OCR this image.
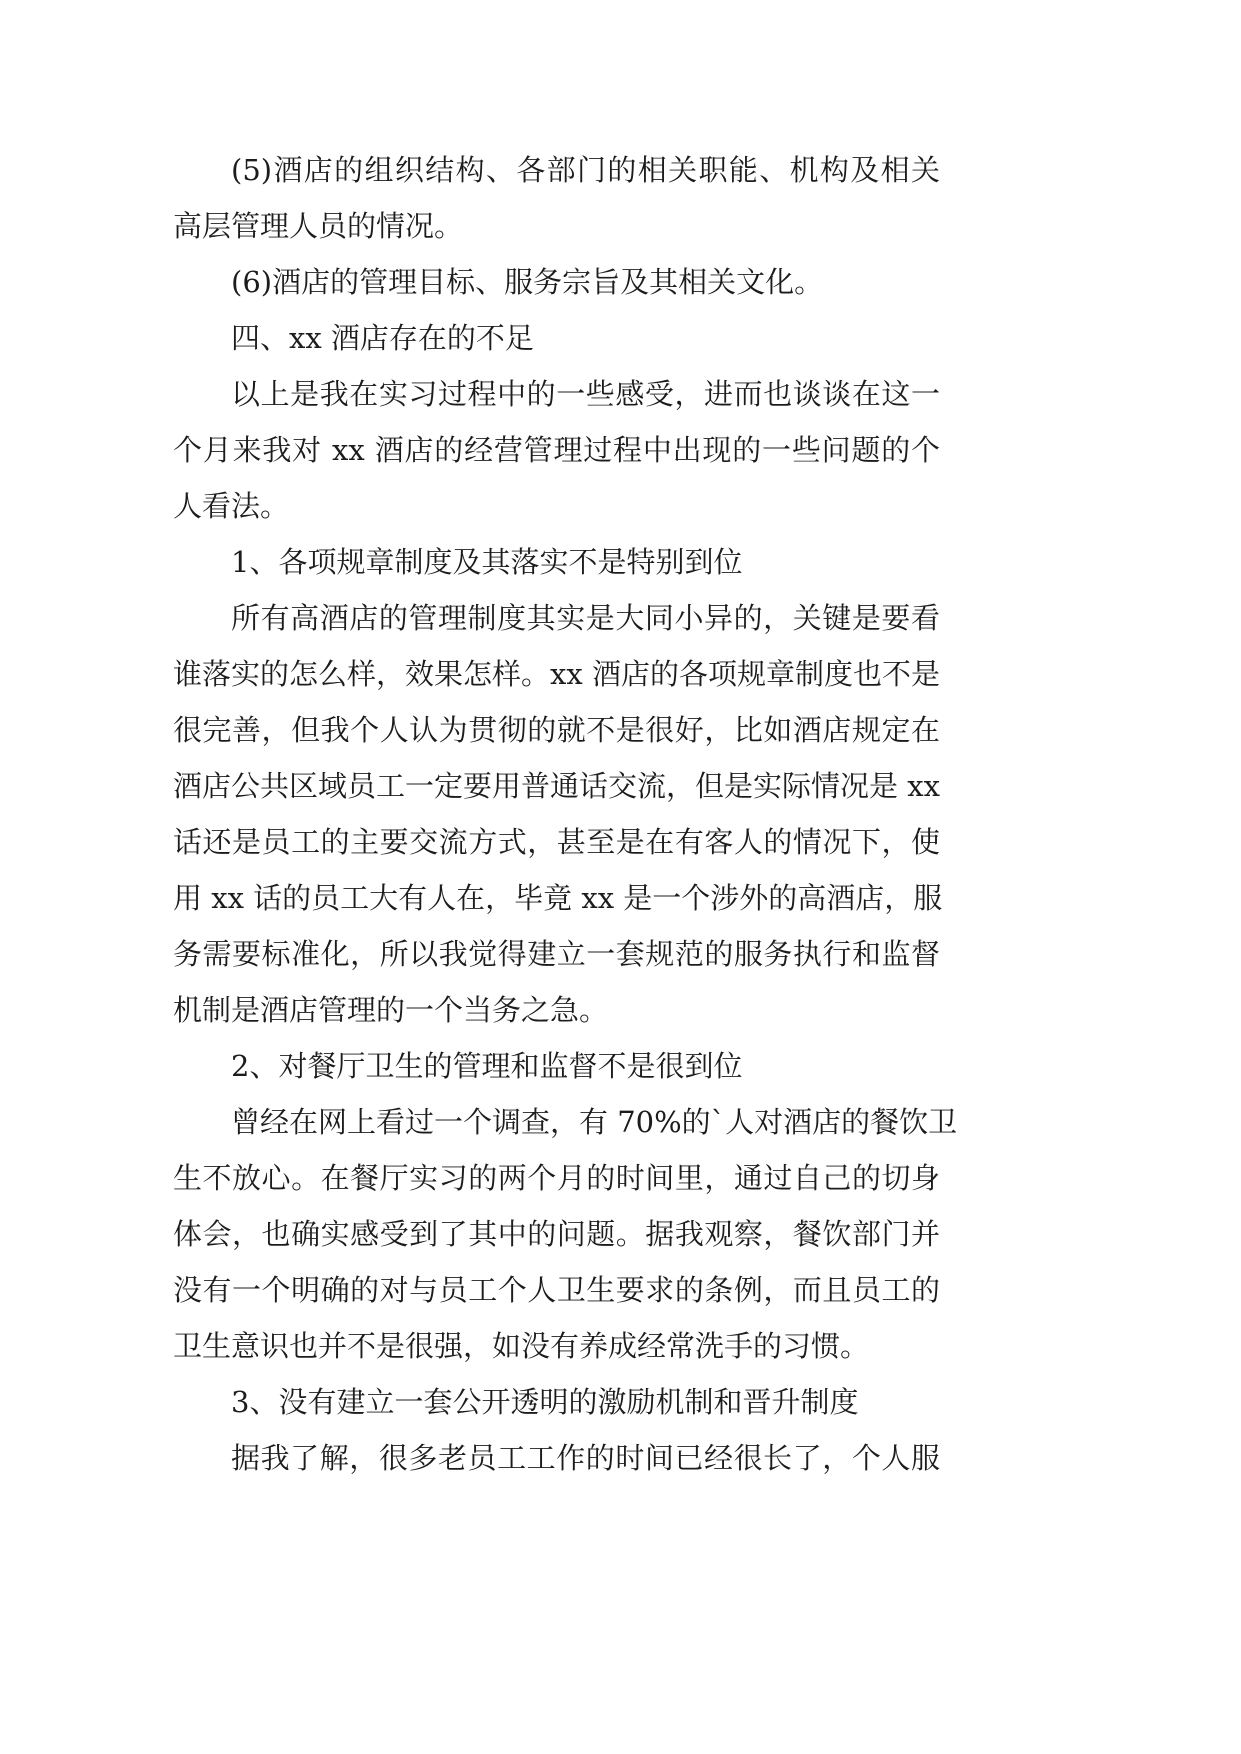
(5)酒店的组织结构、各部门的相关职能、机构及相关
高层管理人员的情况。
(6)酒店的管理目标、服务宗旨及其相关文化。
四、xx 酒店存在的不足
以上是我在实习过程中的一些感受，进而也谈谈在这一
个月来我对 xx 酒店的经营管理过程中出现的一些问题的个
人看法。
1、各项规章制度及其落实不是特别到位
所有高酒店的管理制度其实是大同小异的，关键是要看
谁落实的怎么样，效果怎样。xx 酒店的各项规章制度也不是
很完善，但我个人认为贯彻的就不是很好，比如酒店规定在
酒店公共区域员工一定要用普通话交流，但是实际情况是 xx
话还是员工的主要交流方式，甚至是在有客人的情况下，使
用 xx 话的员工大有人在，毕竟 xx 是一个涉外的高酒店，服
务需要标准化，所以我觉得建立一套规范的服务执行和监督
机制是酒店管理的一个当务之急。
2、对餐厅卫生的管理和监督不是很到位
曾经在网上看过一个调查，有 70%的`人对酒店的餐饮卫
生不放心。在餐厅实习的两个月的时间里，通过自己的切身
体会，也确实感受到了其中的问题。据我观察，餐饮部门并
没有一个明确的对与员工个人卫生要求的条例，而且员工的
卫生意识也并不是很强，如没有养成经常洗手的习惯。
3、没有建立一套公开透明的激励机制和晋升制度
据我了解，很多老员工工作的时间已经很长了，个人服
